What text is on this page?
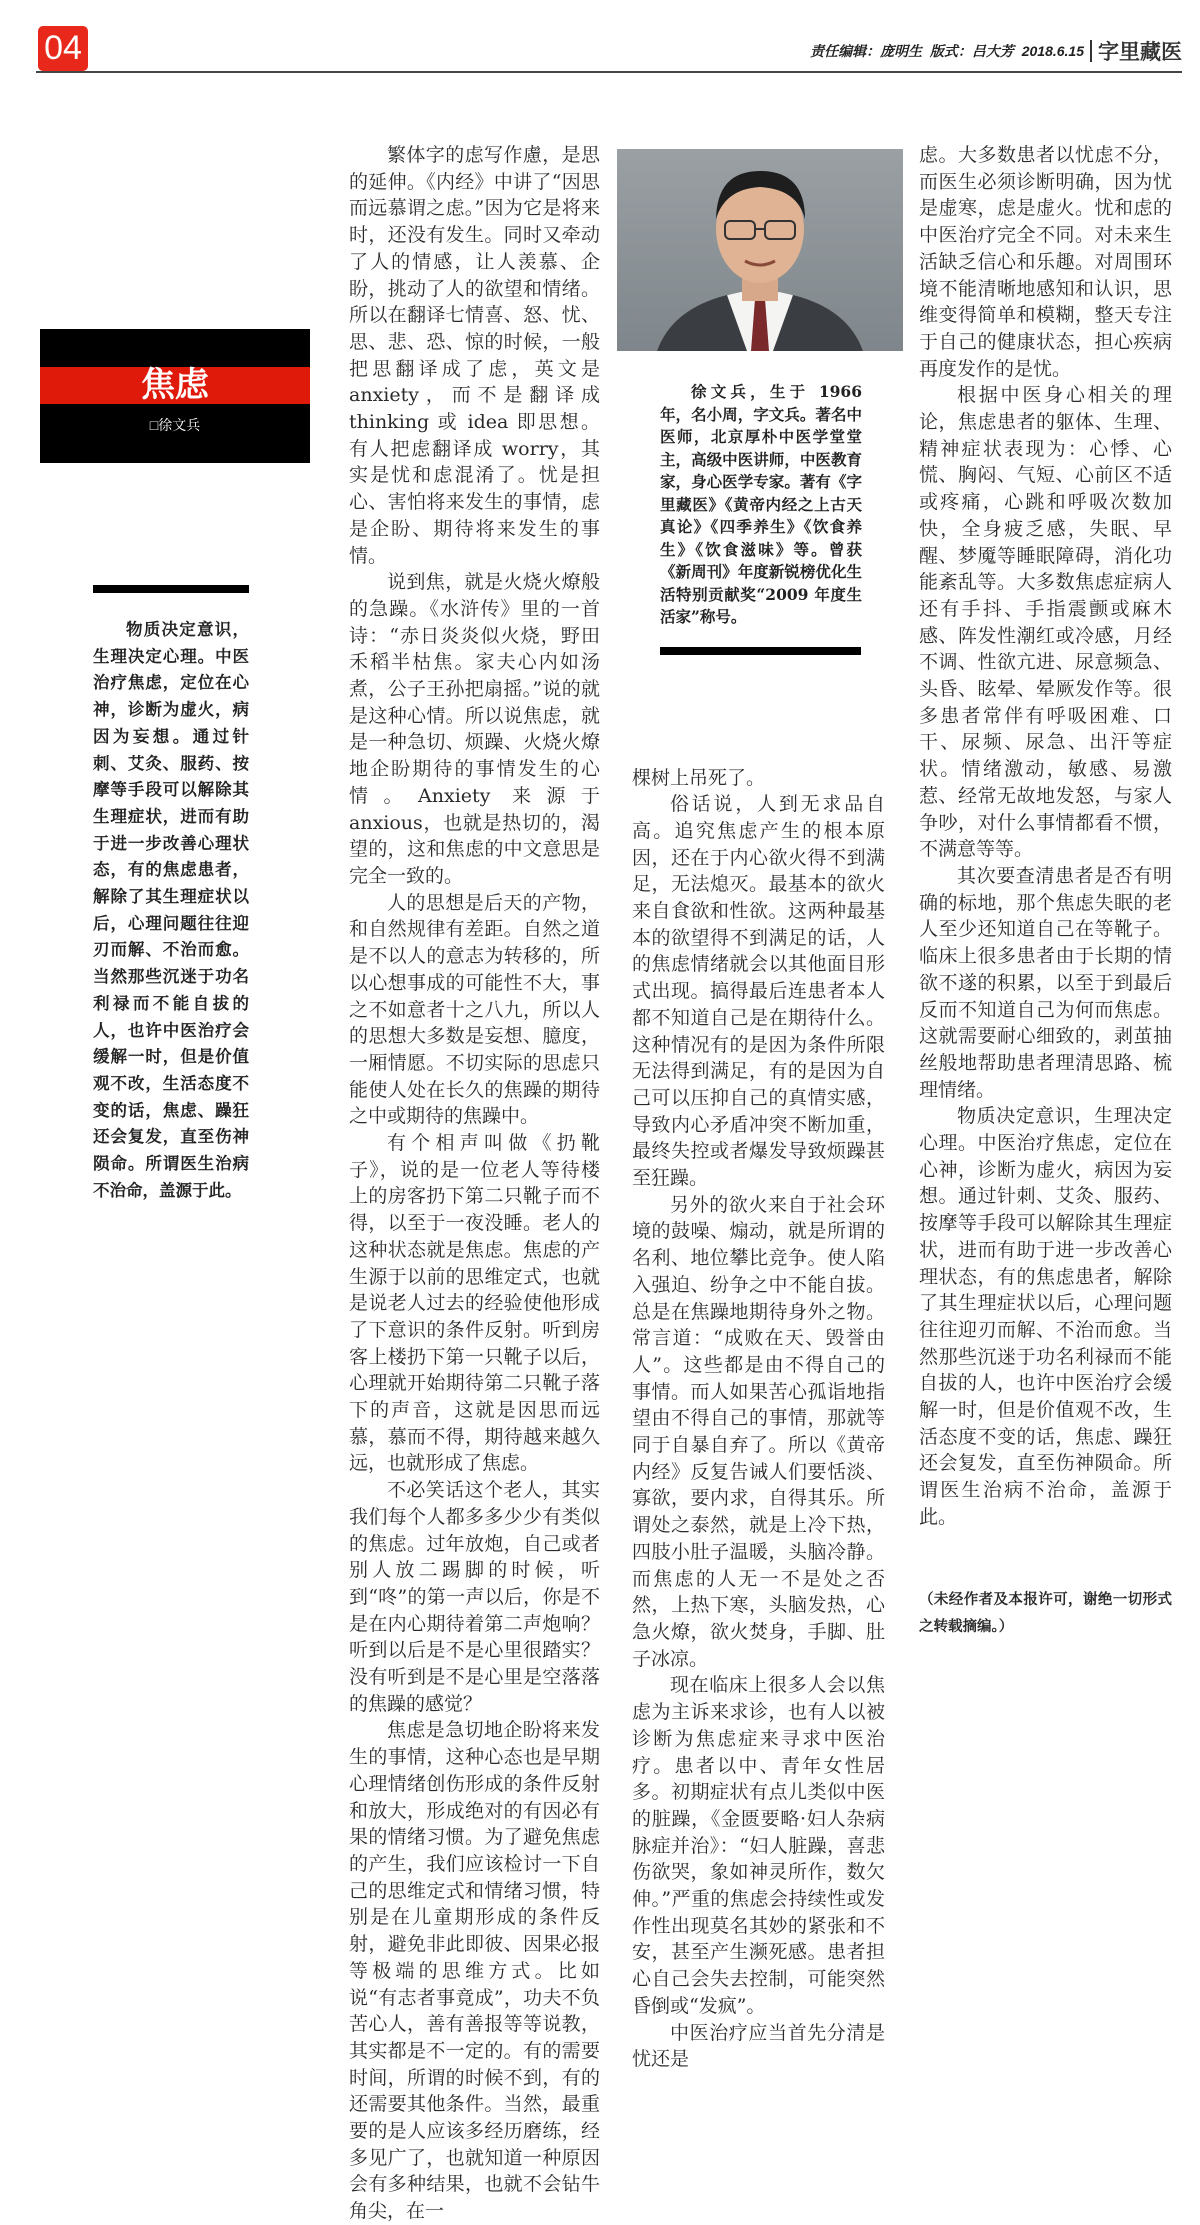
04	责任编辑：庞明生  版式：吕大芳  2018.6.15 字里藏医
焦虑
□徐文兵

物质决定意识，生理决定心理。中医治疗焦虑，定位在心神，诊断为虚火，病因为妄想。通过针刺、艾灸、服药、按摩等手段可以解除其生理症状，进而有助于进一步改善心理状态，有的焦虑患者，解除了其生理症状以后，心理问题往往迎刃而解、不治而愈。当然那些沉迷于功名利禄而不能自拔的人，也许中医治疗会缓解一时，但是价值观不改，生活态度不变的话，焦虑、躁狂还会复发，直至伤神陨命。所谓医生治病不治命，盖源于此。

繁体字的虑写作慮，是思的延伸。《内经》中讲了“因思而远慕谓之虑。”因为它是将来时，还没有发生。同时又牵动了人的情感，让人羡慕、企盼，挑动了人的欲望和情绪。所以在翻译七情喜、怒、忧、思、悲、恐、惊的时候，一般把思翻译成了虑，英文是 anxiety，而不是翻译成 thinking 或 idea 即思想。 有人把虑翻译成 worry，其实是忧和虑混淆了。忧是担心、害怕将来发生的事情，虑是企盼、期待将来发生的事情。

说到焦，就是火烧火燎般的急躁。《水浒传》里的一首诗：“赤日炎炎似火烧，野田禾稻半枯焦。家夫心内如汤煮，公子王孙把扇摇。”说的就是这种心情。所以说焦虑，就是一种急切、烦躁、火烧火燎地企盼期待的事情发生的心情。Anxiety 来源于 anxious，也就是热切的，渴望的，这和焦虑的中文意思是完全一致的。

人的思想是后天的产物，和自然规律有差距。自然之道是不以人的意志为转移的，所以心想事成的可能性不大，事之不如意者十之八九，所以人的思想大多数是妄想、臆度，一厢情愿。不切实际的思虑只能使人处在长久的焦躁的期待之中或期待的焦躁中。

有个相声叫做《扔靴子》，说的是一位老人等待楼上的房客扔下第二只靴子而不得，以至于一夜没睡。老人的这种状态就是焦虑。焦虑的产生源于以前的思维定式，也就是说老人过去的经验使他形成了下意识的条件反射。听到房客上楼扔下第一只靴子以后，心理就开始期待第二只靴子落下的声音，这就是因思而远慕，慕而不得，期待越来越久远，也就形成了焦虑。

不必笑话这个老人，其实我们每个人都多多少少有类似的焦虑。过年放炮，自己或者别人放二踢脚的时候，听到“咚”的第一声以后，你是不是在内心期待着第二声炮响？听到以后是不是心里很踏实？没有听到是不是心里是空落落的焦躁的感觉？

焦虑是急切地企盼将来发生的事情，这种心态也是早期心理情绪创伤形成的条件反射和放大，形成绝对的有因必有果的情绪习惯。为了避免焦虑的产生，我们应该检讨一下自己的思维定式和情绪习惯，特别是在儿童期形成的条件反射，避免非此即彼、因果必报等极端的思维方式。比如说“有志者事竟成”，功夫不负苦心人，善有善报等等说教，其实都是不一定的。有的需要时间，所谓的时候不到，有的还需要其他条件。当然，最重要的是人应该多经历磨练，经多见广了，也就知道一种原因会有多种结果，也就不会钻牛角尖，在一

徐文兵，生于 1966 年，名小周，字文兵。著名中医师，北京厚朴中医学堂堂主，高级中医讲师，中医教育家，身心医学专家。著有《字里藏医》《黄帝内经之上古天真论》《四季养生》《饮食养生》《饮食滋味》等。曾获《新周刊》年度新锐榜优化生活特别贡献奖“2009 年度生活家”称号。

棵树上吊死了。

俗话说，人到无求品自高。追究焦虑产生的根本原因，还在于内心欲火得不到满足，无法熄灭。最基本的欲火来自食欲和性欲。这两种最基本的欲望得不到满足的话，人的焦虑情绪就会以其他面目形式出现。搞得最后连患者本人都不知道自己是在期待什么。这种情况有的是因为条件所限无法得到满足，有的是因为自己可以压抑自己的真情实感，导致内心矛盾冲突不断加重，最终失控或者爆发导致烦躁甚至狂躁。

另外的欲火来自于社会环境的鼓噪、煽动，就是所谓的名利、地位攀比竞争。使人陷入强迫、纷争之中不能自拔。总是在焦躁地期待身外之物。常言道：“成败在天、毁誉由人”。这些都是由不得自己的事情。而人如果苦心孤诣地指望由不得自己的事情，那就等同于自暴自弃了。所以《黄帝内经》反复告诫人们要恬淡、寡欲，要内求，自得其乐。所谓处之泰然，就是上冷下热，四肢小肚子温暖，头脑冷静。而焦虑的人无一不是处之否然，上热下寒，头脑发热，心急火燎，欲火焚身，手脚、肚子冰凉。

现在临床上很多人会以焦虑为主诉来求诊，也有人以被诊断为焦虑症来寻求中医治疗。患者以中、青年女性居多。初期症状有点儿类似中医的脏躁，《金匮要略·妇人杂病脉症并治》：“妇人脏躁，喜悲伤欲哭，象如神灵所作，数欠伸。”严重的焦虑会持续性或发作性出现莫名其妙的紧张和不安，甚至产生濒死感。患者担心自己会失去控制，可能突然昏倒或“发疯”。

中医治疗应当首先分清是忧还是

虑。大多数患者以忧虑不分，而医生必须诊断明确，因为忧是虚寒，虑是虚火。忧和虑的中医治疗完全不同。对未来生活缺乏信心和乐趣。对周围环境不能清晰地感知和认识，思维变得简单和模糊，整天专注于自己的健康状态，担心疾病再度发作的是忧。

根据中医身心相关的理论，焦虑患者的躯体、生理、精神症状表现为：心悸、心慌、胸闷、气短、心前区不适或疼痛，心跳和呼吸次数加快，全身疲乏感，失眠、早醒、梦魇等睡眠障碍，消化功能紊乱等。大多数焦虑症病人还有手抖、手指震颤或麻木感、阵发性潮红或冷感，月经不调、性欲亢进、尿意频急、头昏、眩晕、晕厥发作等。很多患者常伴有呼吸困难、口干、尿频、尿急、出汗等症状。情绪激动，敏感、易激惹、经常无故地发怒，与家人争吵，对什么事情都看不惯，不满意等等。

其次要查清患者是否有明确的标地，那个焦虑失眠的老人至少还知道自己在等靴子。临床上很多患者由于长期的情欲不遂的积累，以至于到最后反而不知道自己为何而焦虑。这就需要耐心细致的，剥茧抽丝般地帮助患者理清思路、梳理情绪。

物质决定意识，生理决定心理。中医治疗焦虑，定位在心神，诊断为虚火，病因为妄想。通过针刺、艾灸、服药、按摩等手段可以解除其生理症状，进而有助于进一步改善心理状态，有的焦虑患者，解除了其生理症状以后，心理问题往往迎刃而解、不治而愈。当然那些沉迷于功名利禄而不能自拔的人，也许中医治疗会缓解一时，但是价值观不改，生活态度不变的话，焦虑、躁狂还会复发，直至伤神陨命。所谓医生治病不治命，盖源于此。

（未经作者及本报许可，谢绝一切形式之转载摘编。）
